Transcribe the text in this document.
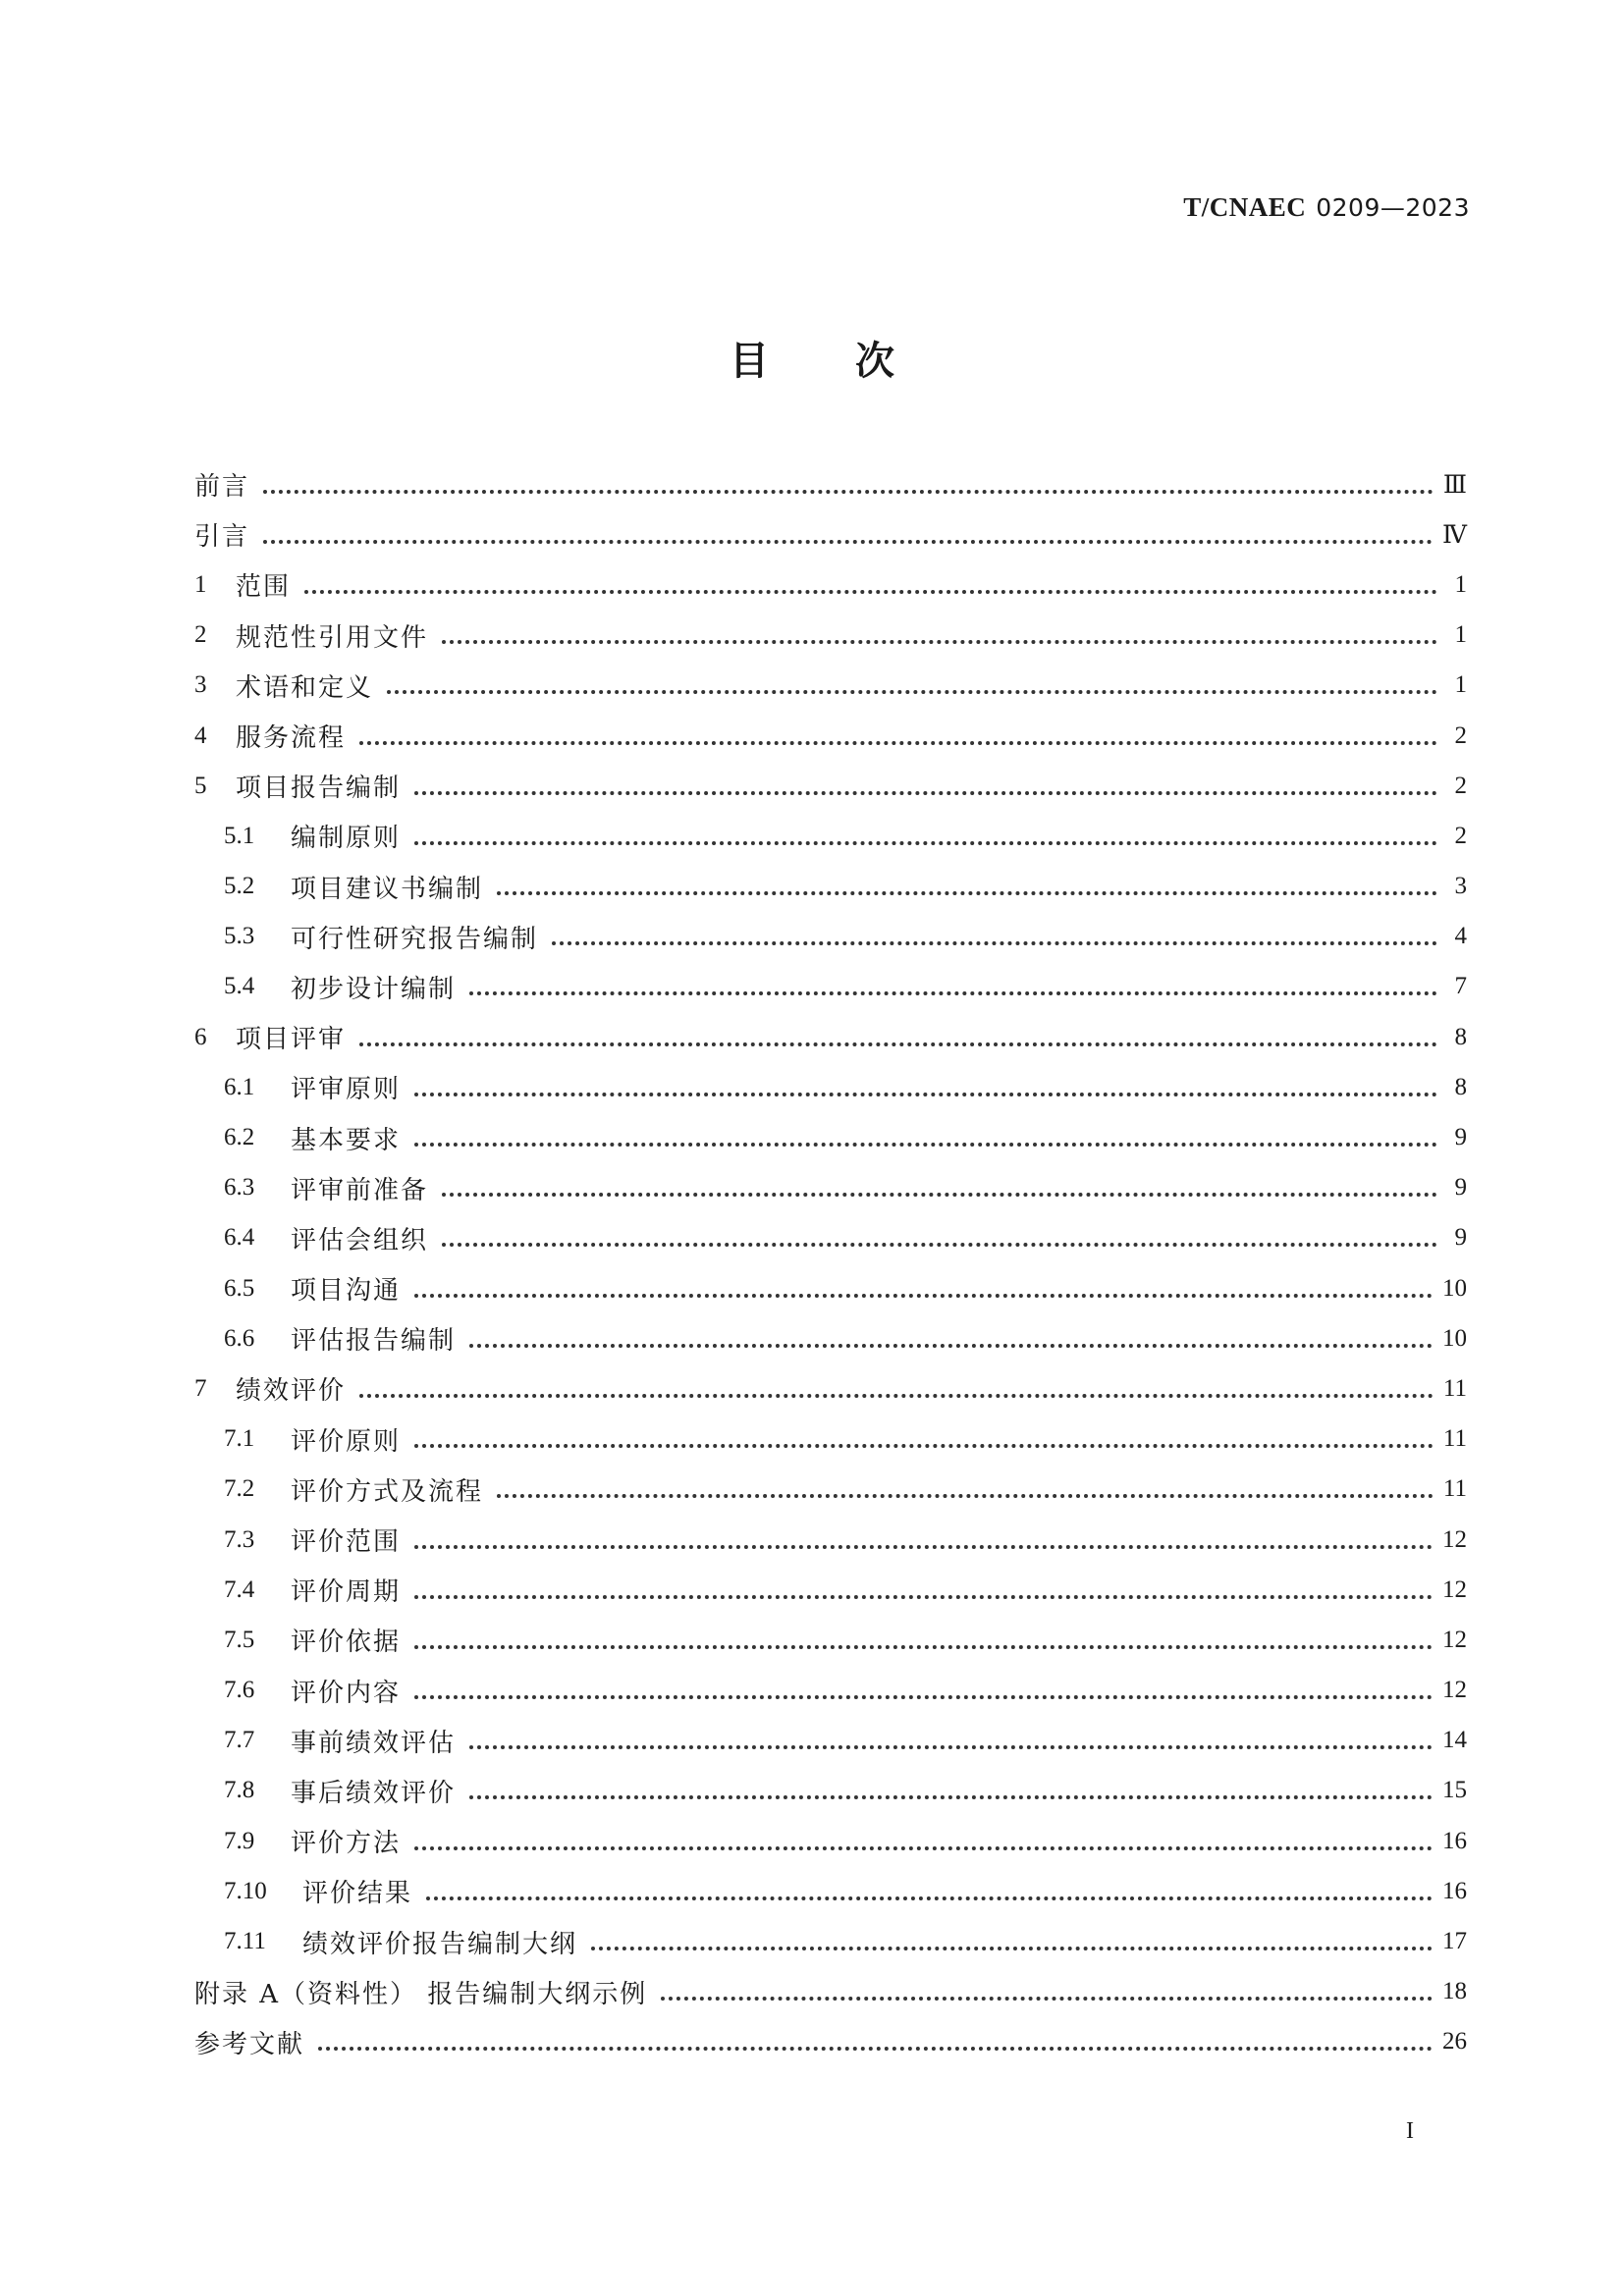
T/CNAEC 0209—2023
目 次
前言	Ⅲ
引言	Ⅳ
1	范围	1
2	规范性引用文件	1
3	术语和定义	1
4	服务流程	2
5	项目报告编制	2
5.1	编制原则	2
5.2	项目建议书编制	3
5.3	可行性研究报告编制	4
5.4	初步设计编制	7
6	项目评审	8
6.1	评审原则	8
6.2	基本要求	9
6.3	评审前准备	9
6.4	评估会组织	9
6.5	项目沟通	10
6.6	评估报告编制	10
7	绩效评价	11
7.1	评价原则	11
7.2	评价方式及流程	11
7.3	评价范围	12
7.4	评价周期	12
7.5	评价依据	12
7.6	评价内容	12
7.7	事前绩效评估	14
7.8	事后绩效评价	15
7.9	评价方法	16
7.10	评价结果	16
7.11	绩效评价报告编制大纲	17
附录 A（资料性） 报告编制大纲示例	18
参考文献	26
I
